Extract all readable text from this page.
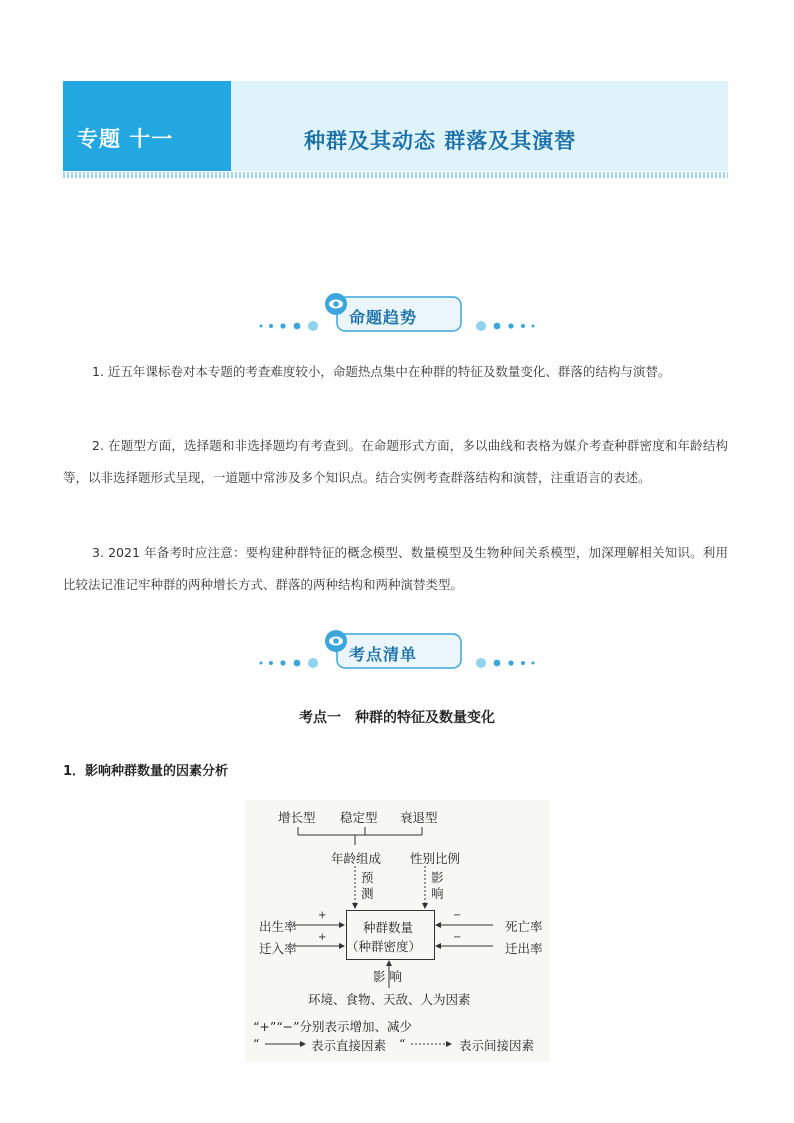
专题 十一	种群及其动态 群落及其演替
命题趋势

1. 近五年课标卷对本专题的考查难度较小，命题热点集中在种群的特征及数量变化、群落的结构与演替。

2. 在题型方面，选择题和非选择题均有考查到。在命题形式方面，多以曲线和表格为媒介考查种群密度和年龄结构等，以非选择题形式呈现，一道题中常涉及多个知识点。结合实例考查群落结构和演替，注重语言的表述。

3. 2021 年备考时应注意：要构建种群特征的概念模型、数量模型及生物种间关系模型，加深理解相关知识。利用比较法记准记牢种群的两种增长方式、群落的两种结构和两种演替类型。

考点清单
考点一　种群的特征及数量变化
1．影响种群数量的因素分析
增长型 稳定型 衰退型
年龄组成 性别比例
预测
影响
出生率
迁入率
+
+
死亡率
迁出率
−
−
种群数量
（种群密度）
影 响
环境、食物、天敌、人为因素
“+”“−”分别表示增加、减少
“	表示直接因素 “	表示间接因素
